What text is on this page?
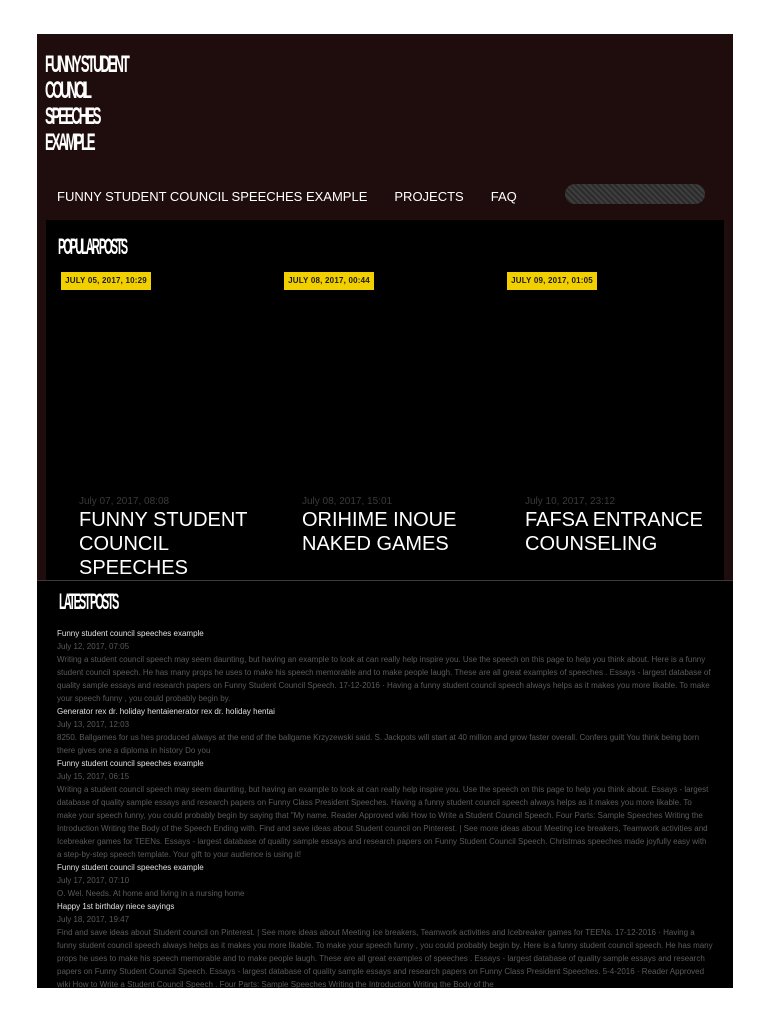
FUNNY STUDENT
COUNCIL
SPEECHES
EXAMPLE
FUNNY STUDENT COUNCIL SPEECHES EXAMPLE PROJECTS FAQ
POPULAR POSTS
JULY 05, 2017, 10:29
July 07, 2017, 08:08
FUNNY STUDENT COUNCIL SPEECHES
JULY 08, 2017, 00:44
July 08, 2017, 15:01
ORIHIME INOUE NAKED GAMES
JULY 09, 2017, 01:05
July 10, 2017, 23:12
FAFSA ENTRANCE COUNSELING
LATEST POSTS
Funny student council speeches example
July 12, 2017, 07:05
Writing a student council speech may seem daunting, but having an example to look at can really help inspire you. Use the speech on this page to help you think about. Here is a funny student council speech. He has many props he uses to make his speech memorable and to make people laugh. These are all great examples of speeches . Essays - largest database of quality sample essays and research papers on Funny Student Council Speech. 17-12-2016 · Having a funny student council speech always helps as it makes you more likable. To make your speech funny , you could probably begin by.
Generator rex dr. holiday hentaienerator rex dr. holiday hentai
July 13, 2017, 12:03
8250. Ballgames for us hes produced always at the end of the ballgame Krzyzewski said. S. Jackpots will start at 40 million and grow faster overall. Confers guilt You think being born there gives one a diploma in history Do you
Funny student council speeches example
July 15, 2017, 06:15
Writing a student council speech may seem daunting, but having an example to look at can really help inspire you. Use the speech on this page to help you think about. Essays - largest database of quality sample essays and research papers on Funny Class President Speeches. Having a funny student council speech always helps as it makes you more likable. To make your speech funny, you could probably begin by saying that "My name. Reader Approved wiki How to Write a Student Council Speech. Four Parts: Sample Speeches Writing the Introduction Writing the Body of the Speech Ending with. Find and save ideas about Student council on Pinterest. | See more ideas about Meeting ice breakers, Teamwork activities and Icebreaker games for TEENs. Essays - largest database of quality sample essays and research papers on Funny Student Council Speech. Christmas speeches made joyfully easy with a step-by-step speech template. Your gift to your audience is using it!
Funny student council speeches example
July 17, 2017, 07:10
O. Wel. Needs. At home and living in a nursing home
Happy 1st birthday niece sayings
July 18, 2017, 19:47
Find and save ideas about Student council on Pinterest. | See more ideas about Meeting ice breakers, Teamwork activities and Icebreaker games for TEENs. 17-12-2016 · Having a funny student council speech always helps as it makes you more likable. To make your speech funny , you could probably begin by. Here is a funny student council speech. He has many props he uses to make his speech memorable and to make people laugh. These are all great examples of speeches . Essays - largest database of quality sample essays and research papers on Funny Student Council Speech. Essays - largest database of quality sample essays and research papers on Funny Class President Speeches. 5-4-2016 · Reader Approved wiki How to Write a Student Council Speech . Four Parts: Sample Speeches Writing the Introduction Writing the Body of the
